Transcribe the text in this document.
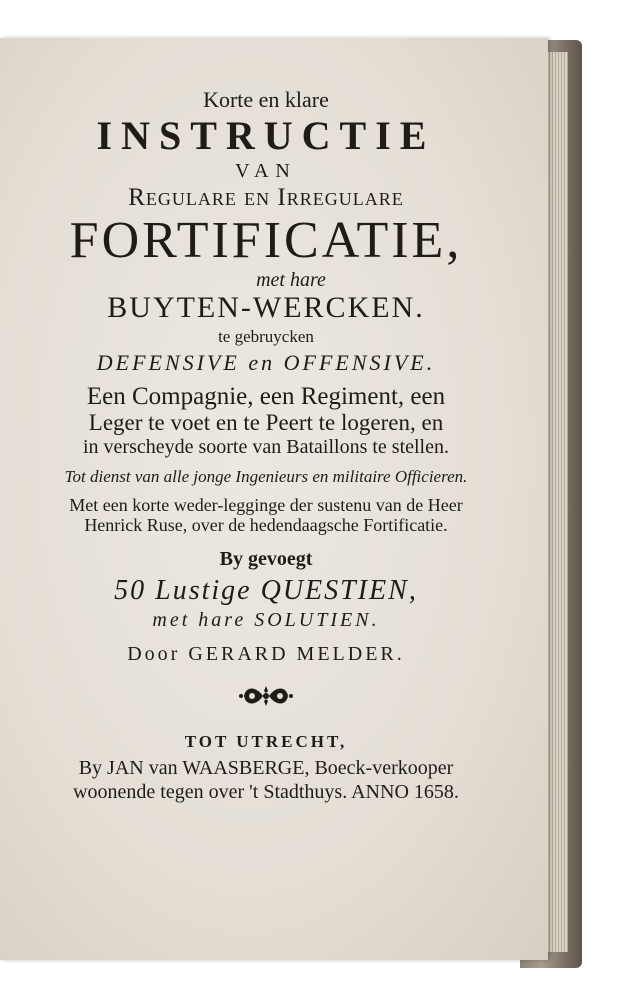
Korte en klare
INSTRUCTIE
VAN
Regulare en Irregulare
FORTIFICATIE,
met hare
BUYTEN-WERCKEN.
te gebruycken
DEFENSIVE en OFFENSIVE.
Een Compagnie, een Regiment, een
Leger te voet en te Peert te logeren, en
in verscheyde soorte van Bataillons te stellen.
Tot dienst van alle jonge Ingenieurs en militaire Officieren.
Met een korte weder-legginge der sustenu van de Heer
Henrick Ruse, over de hedendaagsche Fortificatie.
By gevoegt
50 Lustige QUESTIEN,
met hare SOLUTIEN.
Door GERARD MELDER.
TOT UTRECHT,
By JAN van WAASBERGE, Boeck-verkooper
woonende tegen over 't Stadthuys. ANNO 1658.
